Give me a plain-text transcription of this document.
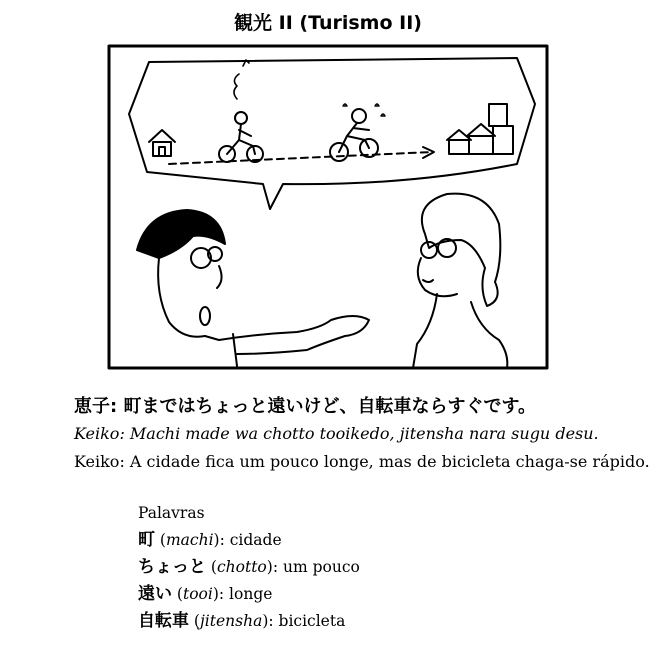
観光 II (Turismo II)
恵子: 町まではちょっと遠いけど、自転車ならすぐです。
Keiko: Machi made wa chotto tooikedo, jitensha nara sugu desu.
Keiko: A cidade fica um pouco longe, mas de bicicleta chaga-se rápido.
Palavras
町 (machi): cidade
ちょっと (chotto): um pouco
遠い (tooi): longe
自転車 (jitensha): bicicleta
